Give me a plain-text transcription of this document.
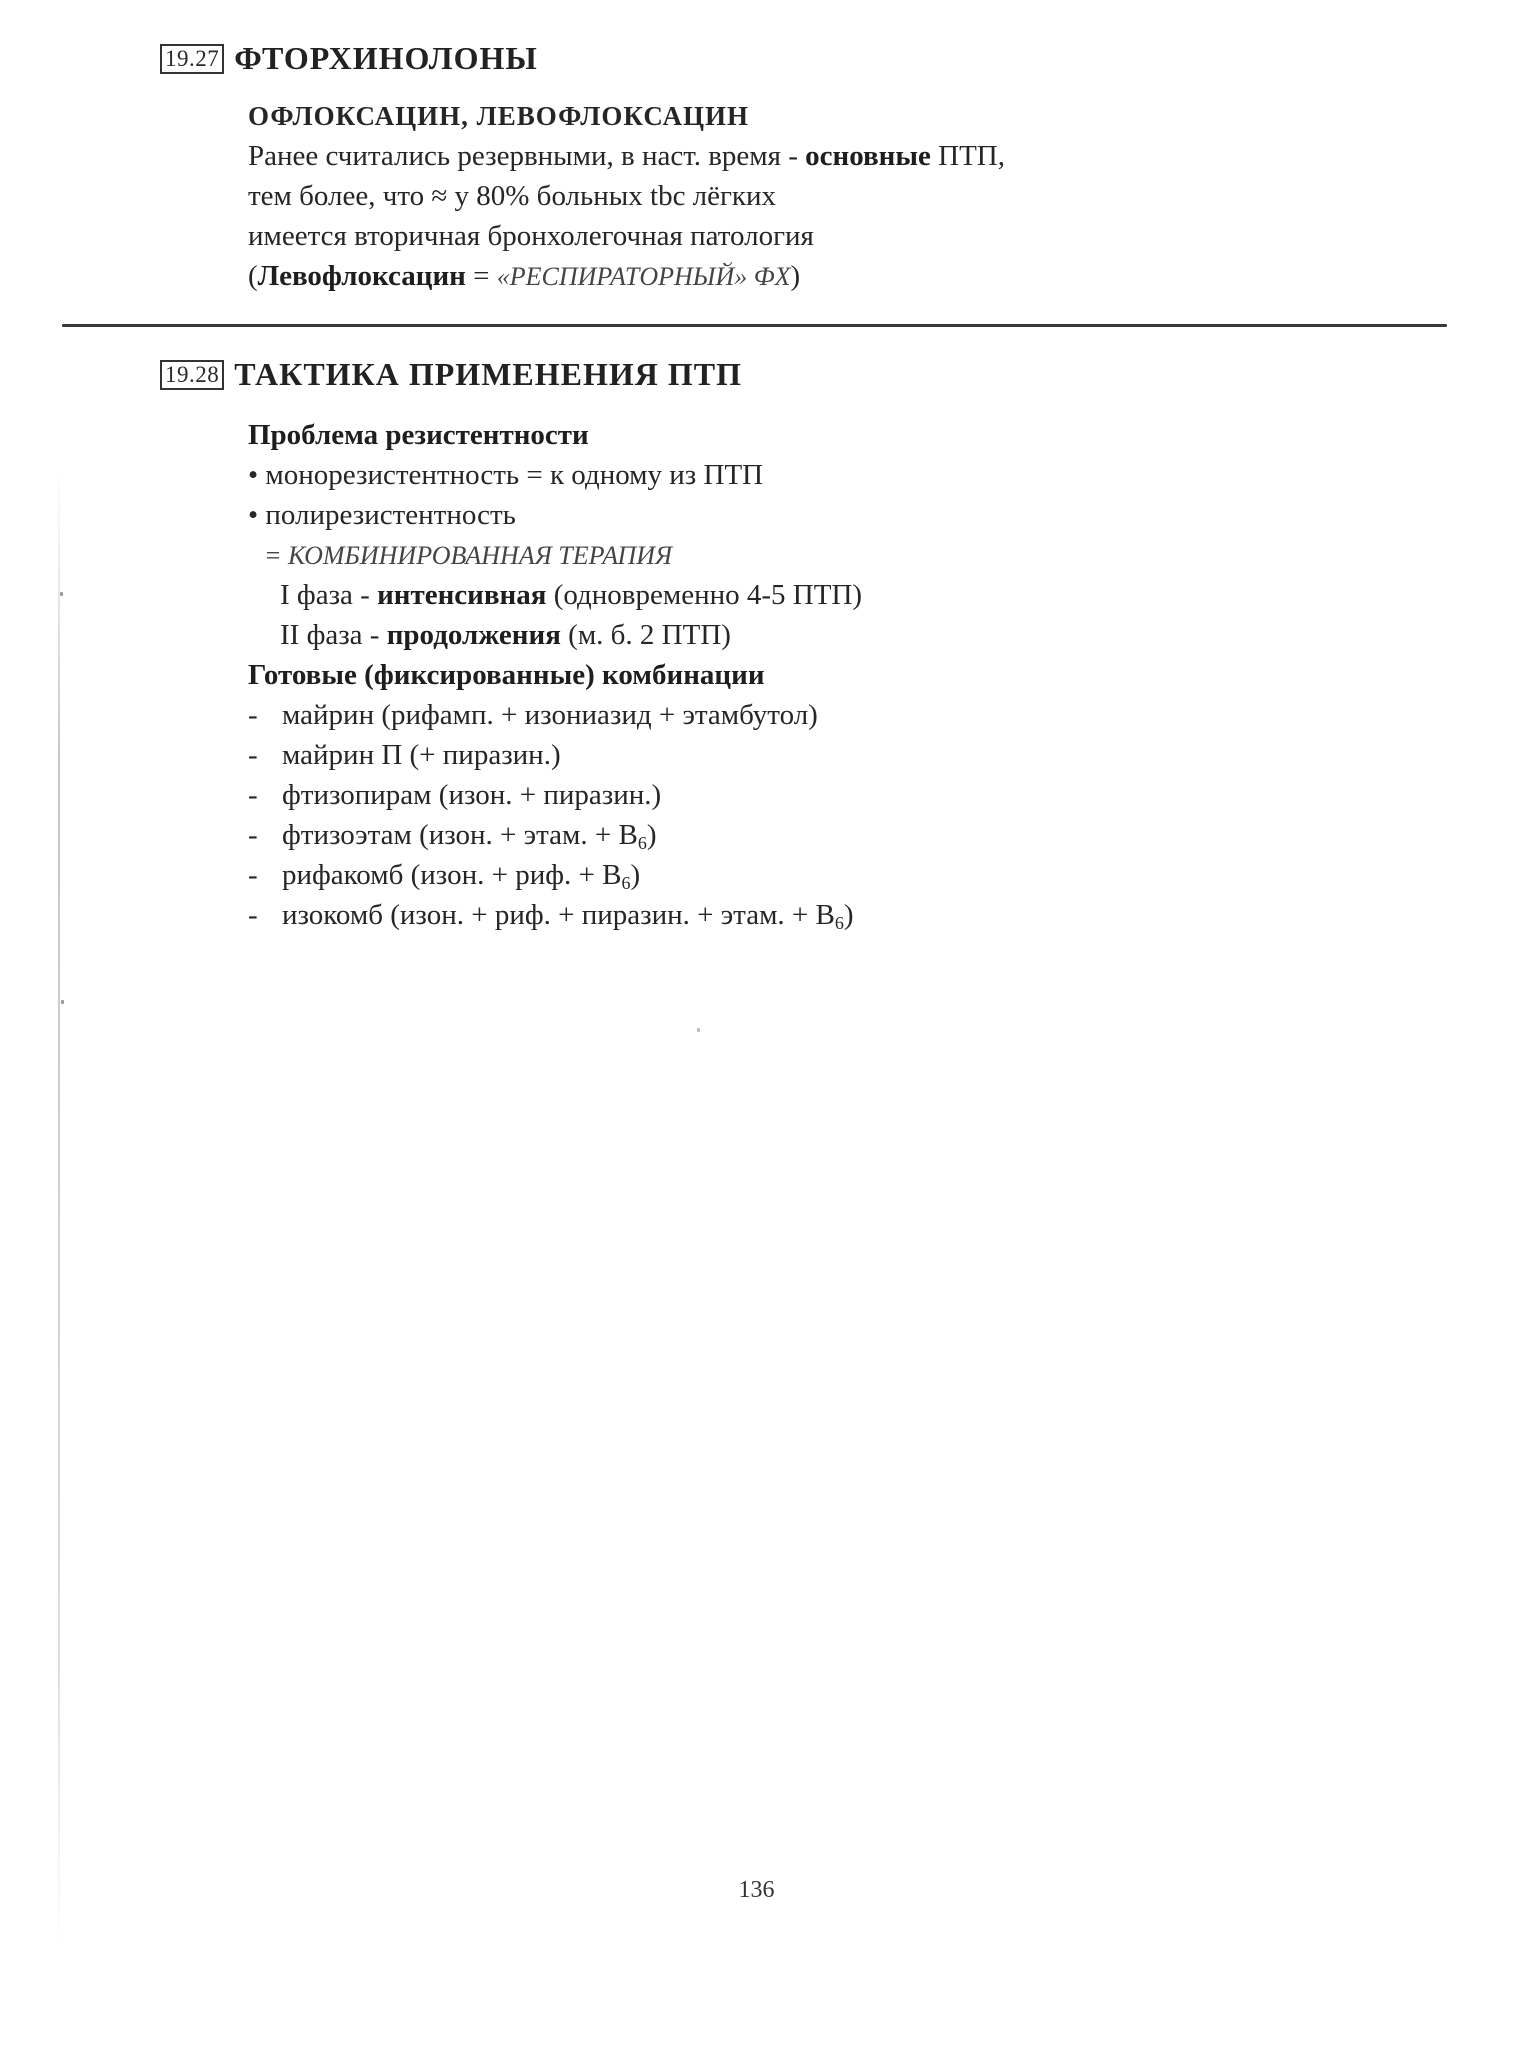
19.27 ФТОРХИНОЛОНЫ
ОФЛОКСАЦИН, ЛЕВОФЛОКСАЦИН
Ранее считались резервными, в наст. время - основные ПТП,
тем более, что ≈ у 80% больных tbc лёгких
имеется вторичная бронхолегочная патология
(Левофлоксацин = «РЕСПИРАТОРНЫЙ» ФХ)
19.28 ТАКТИКА ПРИМЕНЕНИЯ ПТП
Проблема резистентности
• монорезистентность = к одному из ПТП
• полирезистентность
= КОМБИНИРОВАННАЯ ТЕРАПИЯ
I фаза - интенсивная (одновременно 4-5 ПТП)
II фаза - продолжения (м. б. 2 ПТП)
Готовые (фиксированные) комбинации
- майрин (рифамп. + изониазид + этамбутол)
- майрин П (+ пиразин.)
- фтизопирам (изон. + пиразин.)
- фтизоэтам (изон. + этам. + $B_6$)
- рифакомб (изон. + риф. + $B_6$)
- изокомб (изон. + риф. + пиразин. + этам. + $B_6$)
136
